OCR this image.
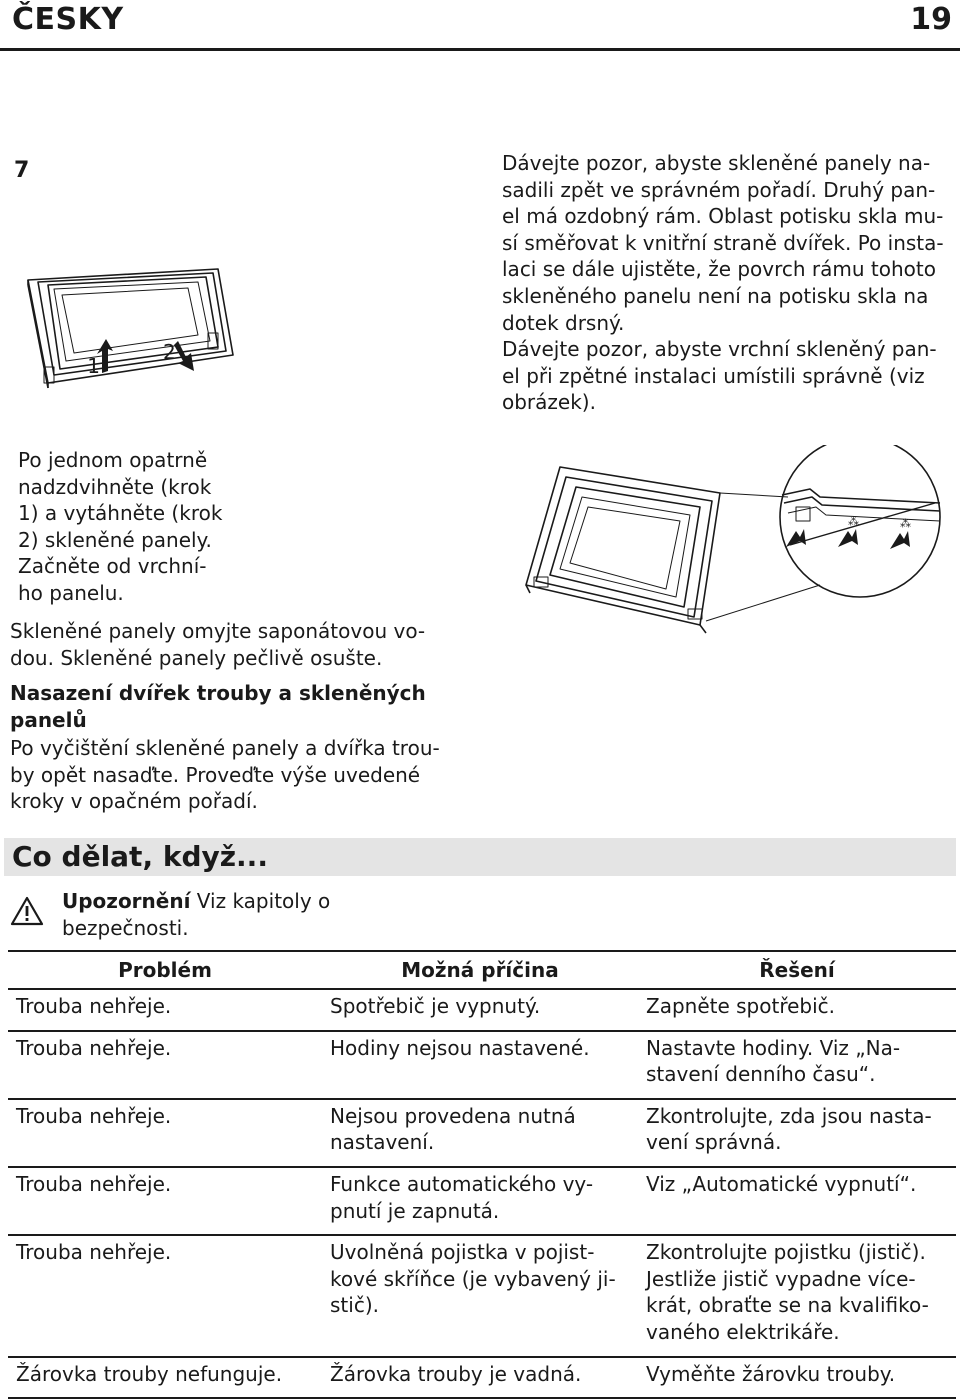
ČESKY	19
7
1
2
Dávejte pozor, abyste skleněné panely na-
sadili zpět ve správném pořadí. Druhý pan-
el má ozdobný rám. Oblast potisku skla mu-
sí směřovat k vnitřní straně dvířek. Po insta-
laci se dále ujistěte, že povrch rámu tohoto
skleněného panelu není na potisku skla na
dotek drsný.
Dávejte pozor, abyste vrchní skleněný pan-
el při zpětné instalaci umístili správně (viz
obrázek).
⁂	⁂
Po jednom opatrně
nadzdvihněte (krok
1) a vytáhněte (krok
2) skleněné panely.
Začněte od vrchní-
ho panelu.
Skleněné panely omyjte saponátovou vo-
dou. Skleněné panely pečlivě osušte.
Nasazení dvířek trouby a skleněných
panelů
Po vyčištění skleněné panely a dvířka trou-
by opět nasaďte. Proveďte výše uvedené
kroky v opačném pořadí.
Co dělat, když...
Upozornění Viz kapitoly o
bezpečnosti.
Problém	Možná příčina	Řešení
Trouba nehřeje.	Spotřebič je vypnutý.	Zapněte spotřebič.
Trouba nehřeje.	Hodiny nejsou nastavené.	Nastavte hodiny. Viz „Na-
stavení denního času“.
Trouba nehřeje.	Nejsou provedena nutná
nastavení.	Zkontrolujte, zda jsou nasta-
vení správná.
Trouba nehřeje.	Funkce automatického vy-
pnutí je zapnutá.	Viz „Automatické vypnutí“.
Trouba nehřeje.	Uvolněná pojistka v pojist-
kové skříňce (je vybavený ji-
stič).	Zkontrolujte pojistku (jistič).
Jestliže jistič vypadne více-
krát, obraťte se na kvalifiko-
vaného elektrikáře.
Žárovka trouby nefunguje.	Žárovka trouby je vadná.	Vyměňte žárovku trouby.
